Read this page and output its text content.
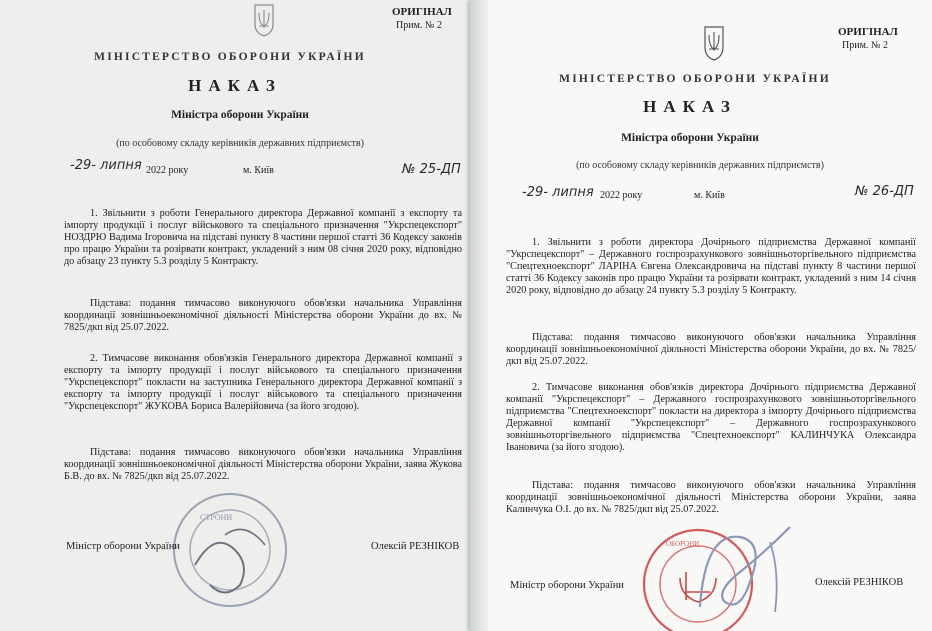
ОРИГІНАЛ
Прим. № 2
МІНІСТЕРСТВО ОБОРОНИ УКРАЇНИ
НАКАЗ
Міністра оборони України
(по особовому складу керівників державних підприємств)
-29- липня 2022 року	м. Київ	№ 25-ДП
1. Звільнити з роботи Генерального директора Державної компанії з експорту та імпорту продукції і послуг військового та спеціального призначення "Укрспецекспорт" НОЗДРЮ Вадима Ігоровича на підставі пункту 8 частини першої статті 36 Кодексу законів про працю України та розірвати контракт, укладений з ним 08 січня 2020 року, відповідно до абзацу 23 пункту 5.3 розділу 5 Контракту.
Підстава: подання тимчасово виконуючого обов'язки начальника Управління координації зовнішньоекономічної діяльності Міністерства оборони України до вх. № 7825/дкп від 25.07.2022.
2. Тимчасове виконання обов'язків Генерального директора Державної компанії з експорту та імпорту продукції і послуг військового та спеціального призначення "Укрспецекспорт" покласти на заступника Генерального директора Державної компанії з експорту та імпорту продукції і послуг військового та спеціального призначення "Укрспецекспорт" ЖУКОВА Бориса Валерійовича (за його згодою).
Підстава: подання тимчасово виконуючого обов'язки начальника Управління координації зовнішньоекономічної діяльності Міністерства оборони України, заява Жукова Б.В. до вх. № 7825/дкп від 25.07.2022.
СТРОНИ
Міністр оборони України	Олексій РЕЗНІКОВ
ОРИГІНАЛ
Прим. № 2
МІНІСТЕРСТВО ОБОРОНИ УКРАЇНИ
НАКАЗ
Міністра оборони України
(по особовому складу керівників державних підприємств)
-29- липня 2022 року	м. Київ	№ 26-ДП
1. Звільнити з роботи директора Дочірнього підприємства Державної компанії "Укрспецекспорт" – Державного госпрозрахункового зовнішньоторгівельного підприємства "Спецтехноекспорт" ЛАРІНА Євгена Олександровича на підставі пункту 8 частини першої статті 36 Кодексу законів про працю України та розірвати контракт, укладений з ним 14 січня 2020 року, відповідно до абзацу 24 пункту 5.3 розділу 5 Контракту.
Підстава: подання тимчасово виконуючого обов'язки начальника Управління координації зовнішньоекономічної діяльності Міністерства оборони України, до вх. № 7825/дкп від 25.07.2022.
2. Тимчасове виконання обов'язків директора Дочірнього підприємства Державної компанії "Укрспецекспорт" – Державного госпрозрахункового зовнішньоторгівельного підприємства "Спецтехноекспорт" покласти на директора з імпорту Дочірнього підприємства Державної компанії "Укрспецекспорт" – Державного госпрозрахункового зовнішньоторгівельного підприємства "Спецтехноекспорт" КАЛИНЧУКА Олександра Івановича (за його згодою).
Підстава: подання тимчасово виконуючого обов'язки начальника Управління координації зовнішньоекономічної діяльності Міністерства оборони України, заява Калинчука О.І. до вх. № 7825/дкп від 25.07.2022.
ОБОРОНИ
Міністр оборони України	Олексій РЕЗНІКОВ
